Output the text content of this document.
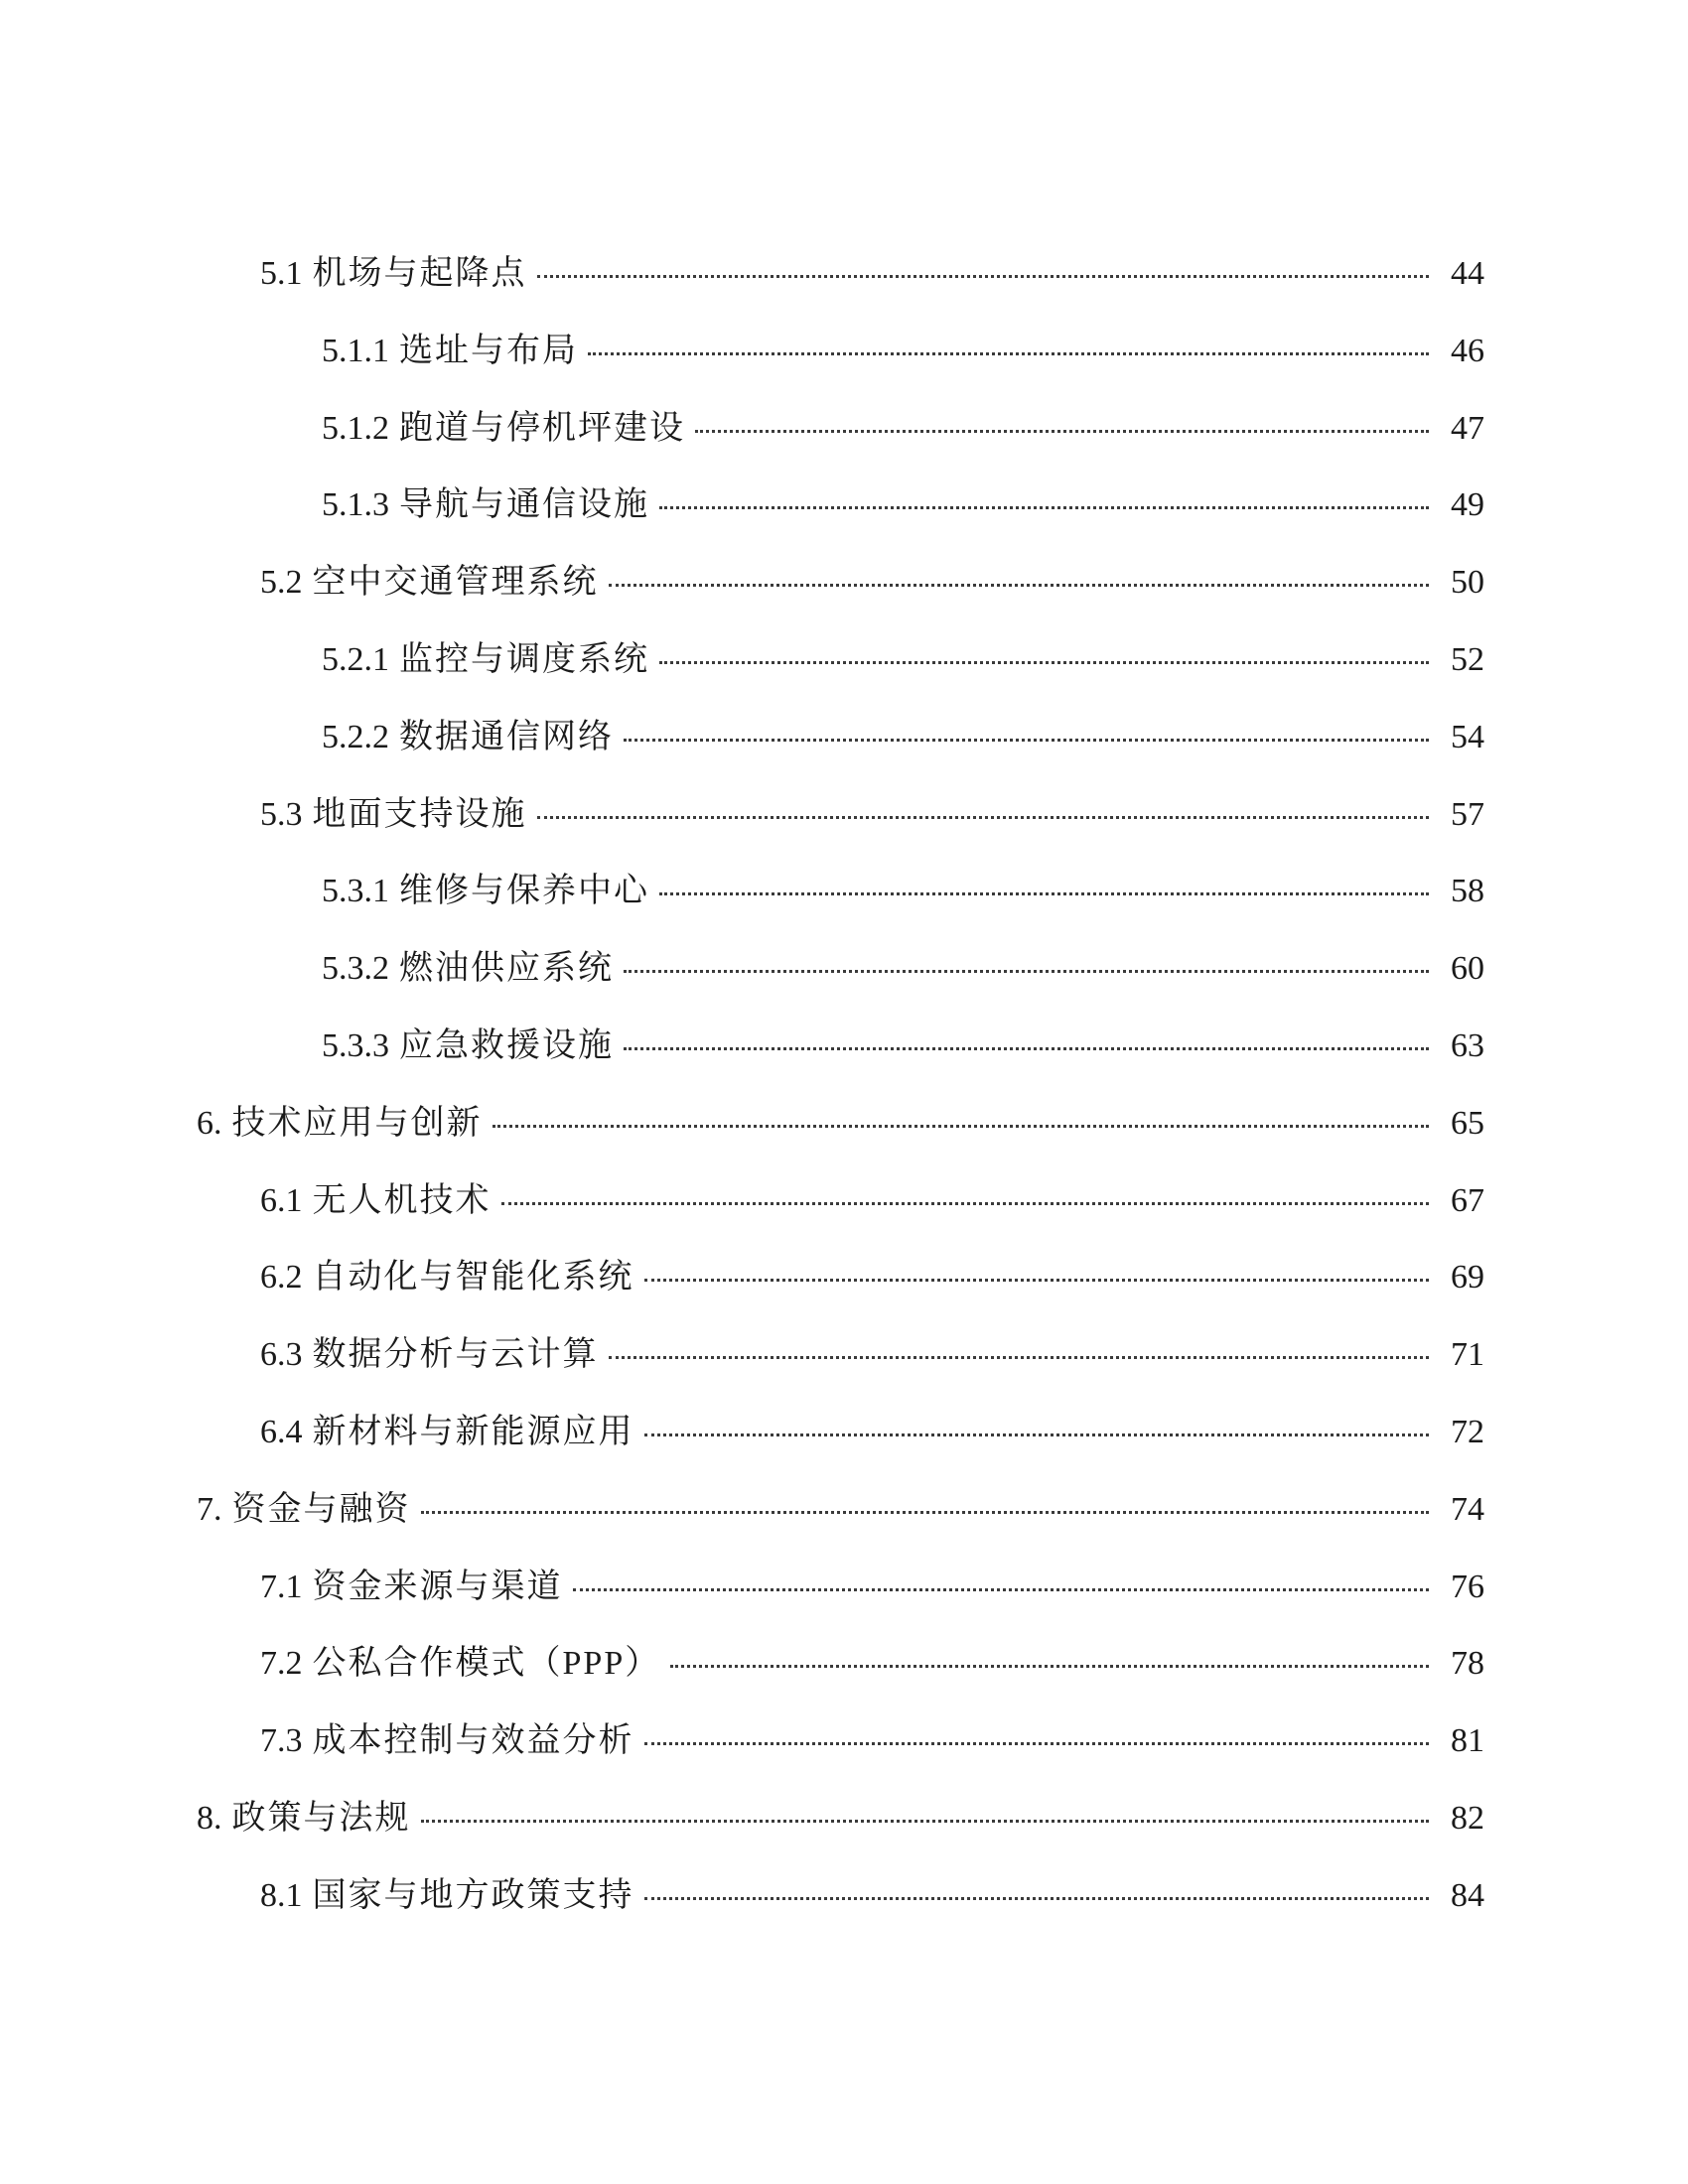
5.1 机场与起降点	44
5.1.1 选址与布局	46
5.1.2 跑道与停机坪建设	47
5.1.3 导航与通信设施	49
5.2 空中交通管理系统	50
5.2.1 监控与调度系统	52
5.2.2 数据通信网络	54
5.3 地面支持设施	57
5.3.1 维修与保养中心	58
5.3.2 燃油供应系统	60
5.3.3 应急救援设施	63
6. 技术应用与创新	65
6.1 无人机技术	67
6.2 自动化与智能化系统	69
6.3 数据分析与云计算	71
6.4 新材料与新能源应用	72
7. 资金与融资	74
7.1 资金来源与渠道	76
7.2 公私合作模式（PPP）	78
7.3 成本控制与效益分析	81
8. 政策与法规	82
8.1 国家与地方政策支持	84
